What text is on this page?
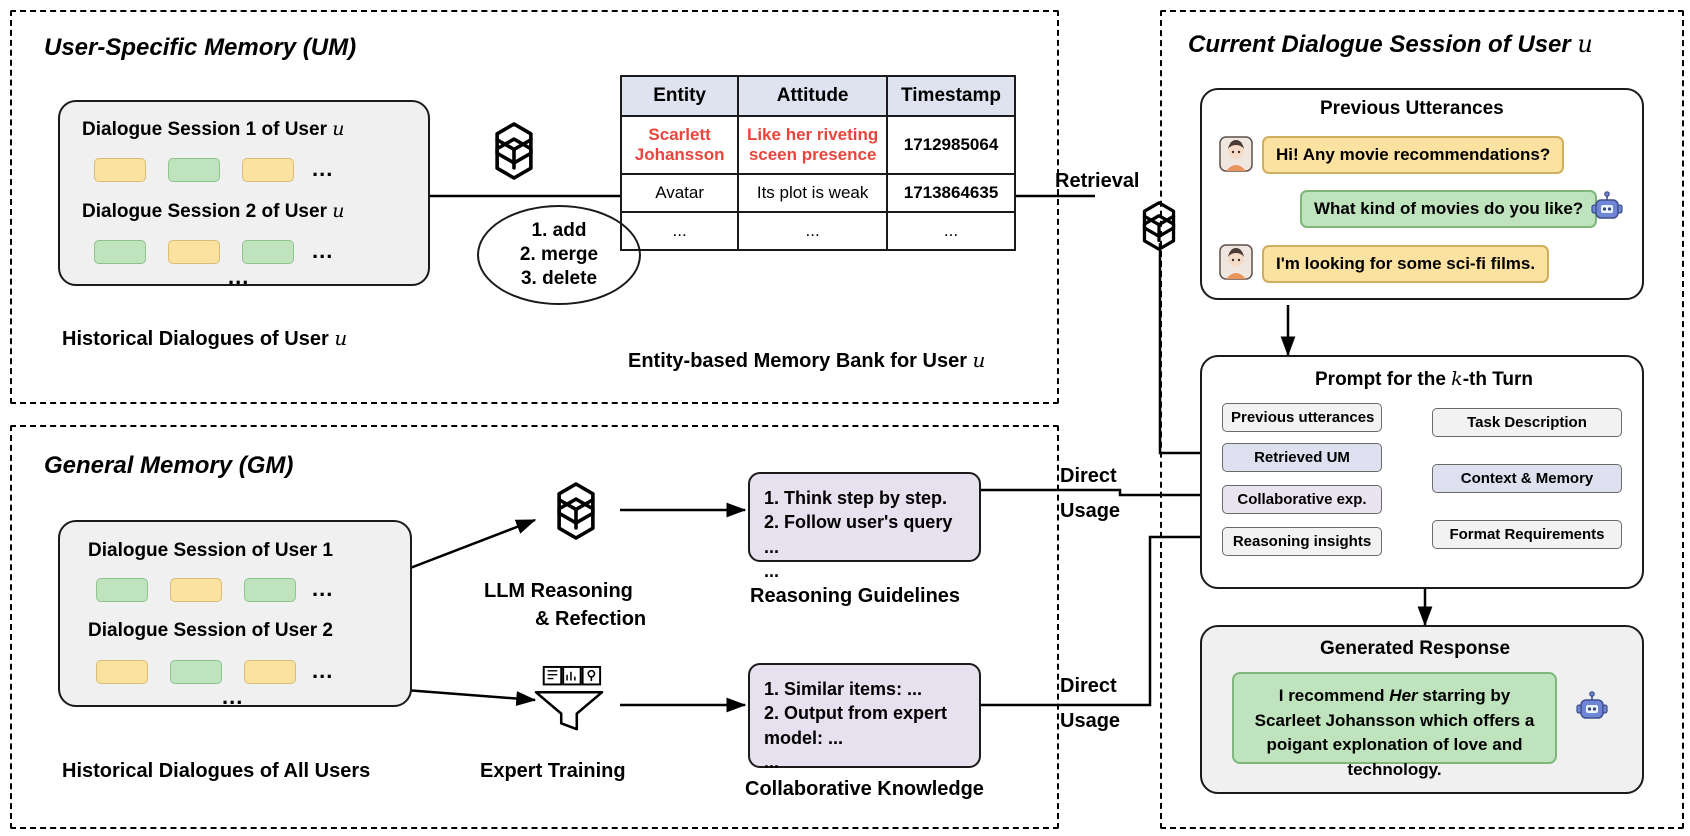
User-Specific Memory (UM)
Dialogue Session 1 of User u
...
Dialogue Session 2 of User u
...
...
Historical Dialogues of User u
1. add
2. merge
3. delete
Entity	Attitude	Timestamp
Scarlett Johansson	Like her riveting sceen presence	1712985064
Avatar	Its plot is weak	1713864635
...	...	...
Entity-based Memory Bank for User u
Retrieval
General Memory (GM)
Dialogue Session of User 1
...
Dialogue Session of User 2
...
...
Historical Dialogues of All Users
LLM Reasoning
& Refection
Expert Training
1. Think step by step.
2. Follow user's query ...
...
Reasoning Guidelines
1. Similar items: ...
2. Output from expert model: ...
...
Collaborative Knowledge
Direct
Usage
Direct
Usage
Current Dialogue Session of User u
Previous Utterances
Hi! Any movie recommendations?
What kind of movies do you like?
I'm looking for some sci-fi films.
Prompt for the k-th Turn
Previous utterances
Retrieved UM
Collaborative exp.
Reasoning insights
Task Description
Context & Memory
Format Requirements
Generated Response
I recommend Her starring by Scarleet Johansson which offers a poigant explonation of love and technology.
